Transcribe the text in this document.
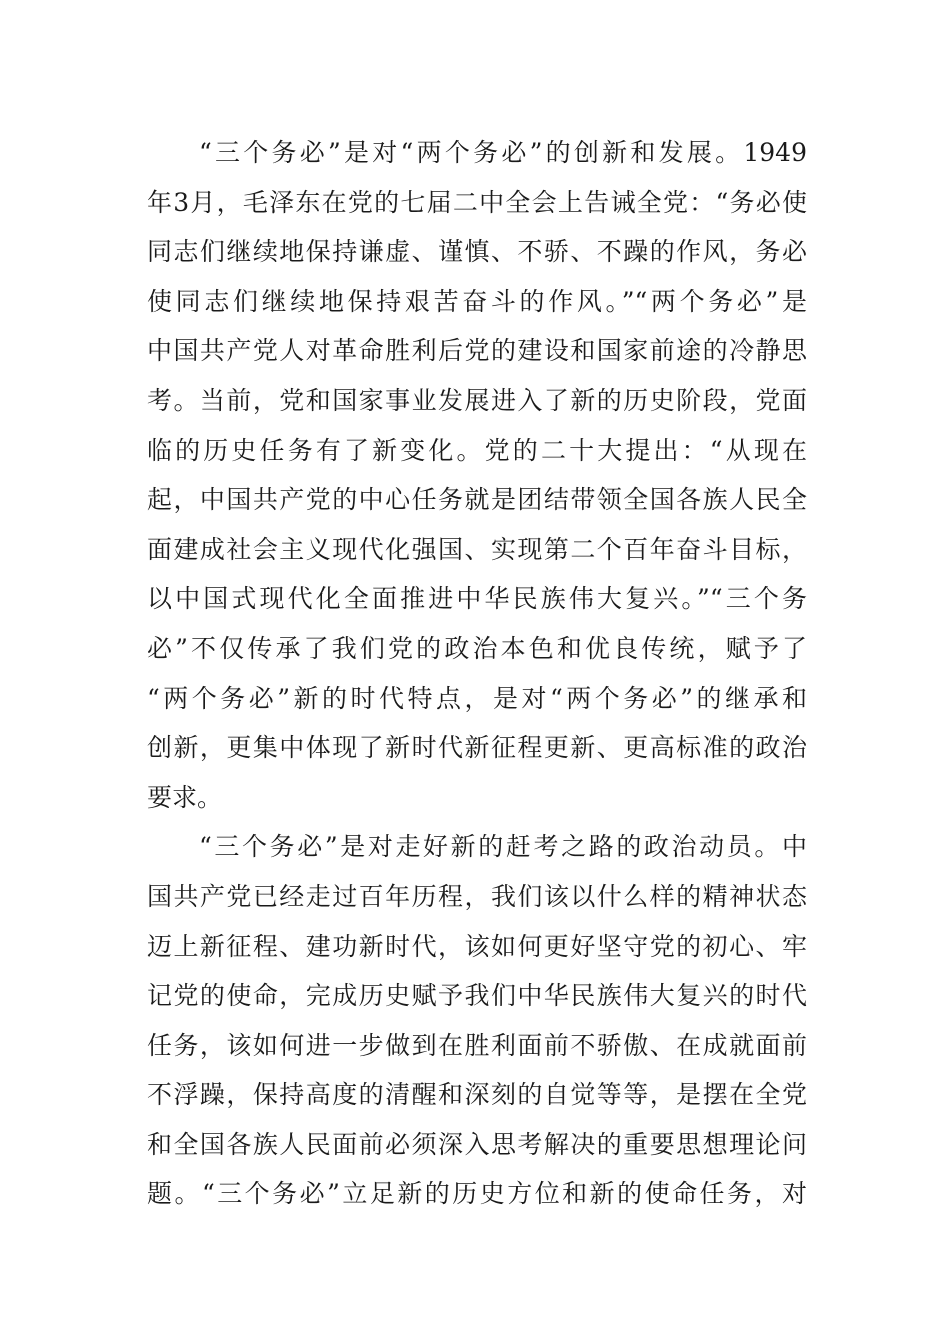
“三个务必”是对“两个务必”的创新和发展。1949
年3月，毛泽东在党的七届二中全会上告诫全党：“务必使
同志们继续地保持谦虚、谨慎、不骄、不躁的作风，务必
使同志们继续地保持艰苦奋斗的作风。”“两个务必”是
中国共产党人对革命胜利后党的建设和国家前途的冷静思
考。当前，党和国家事业发展进入了新的历史阶段，党面
临的历史任务有了新变化。党的二十大提出：“从现在
起，中国共产党的中心任务就是团结带领全国各族人民全
面建成社会主义现代化强国、实现第二个百年奋斗目标，
以中国式现代化全面推进中华民族伟大复兴。”“三个务
必”不仅传承了我们党的政治本色和优良传统，赋予了
“两个务必”新的时代特点，是对“两个务必”的继承和
创新，更集中体现了新时代新征程更新、更高标准的政治
要求。
“三个务必”是对走好新的赶考之路的政治动员。中
国共产党已经走过百年历程，我们该以什么样的精神状态
迈上新征程、建功新时代，该如何更好坚守党的初心、牢
记党的使命，完成历史赋予我们中华民族伟大复兴的时代
任务，该如何进一步做到在胜利面前不骄傲、在成就面前
不浮躁，保持高度的清醒和深刻的自觉等等，是摆在全党
和全国各族人民面前必须深入思考解决的重要思想理论问
题。“三个务必”立足新的历史方位和新的使命任务，对
